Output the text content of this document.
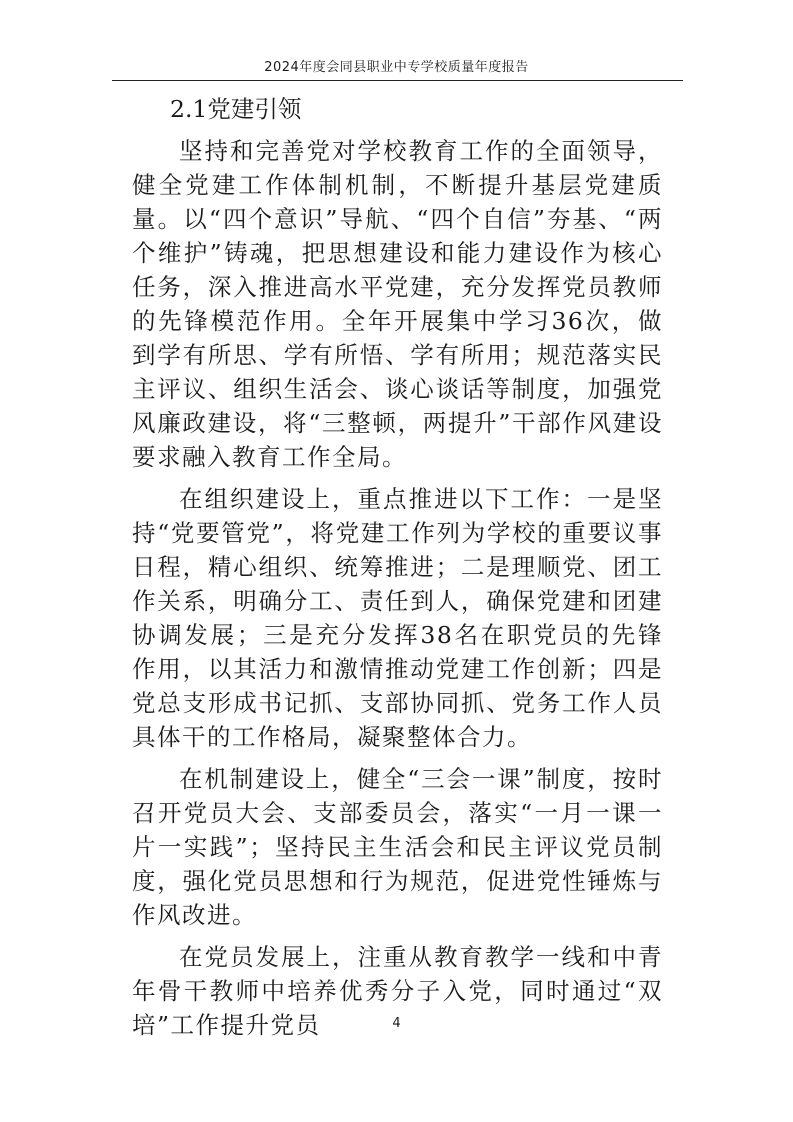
2024年度会同县职业中专学校质量年度报告
2.1党建引领

坚持和完善党对学校教育工作的全面领导，健全党建工作体制机制，不断提升基层党建质量。以“四个意识”导航、“四个自信”夯基、“两个维护”铸魂，把思想建设和能力建设作为核心任务，深入推进高水平党建，充分发挥党员教师的先锋模范作用。全年开展集中学习36次，做到学有所思、学有所悟、学有所用；规范落实民主评议、组织生活会、谈心谈话等制度，加强党风廉政建设，将“三整顿，两提升”干部作风建设要求融入教育工作全局。

在组织建设上，重点推进以下工作：一是坚持“党要管党”，将党建工作列为学校的重要议事日程，精心组织、统筹推进；二是理顺党、团工作关系，明确分工、责任到人，确保党建和团建协调发展；三是充分发挥38名在职党员的先锋作用，以其活力和激情推动党建工作创新；四是党总支形成书记抓、支部协同抓、党务工作人员具体干的工作格局，凝聚整体合力。

在机制建设上，健全“三会一课”制度，按时召开党员大会、支部委员会，落实“一月一课一片一实践”；坚持民主生活会和民主评议党员制度，强化党员思想和行为规范，促进党性锤炼与作风改进。

在党员发展上，注重从教育教学一线和中青年骨干教师中培养优秀分子入党，同时通过“双培”工作提升党员	4
